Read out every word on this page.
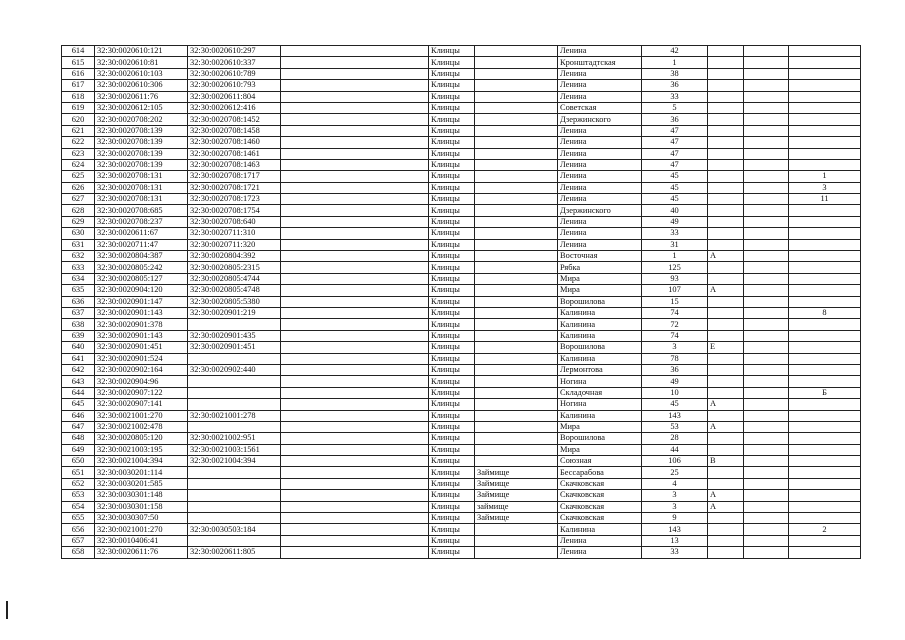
614	32:30:0020610:121	32:30:0020610:297		Клинцы		Ленина	42			
615	32:30:0020610:81	32:30:0020610:337		Клинцы		Кронштадтская	1			
616	32:30:0020610:103	32:30:0020610:789		Клинцы		Ленина	38			
617	32:30:0020610:306	32:30:0020610:793		Клинцы		Ленина	36			
618	32:30:0020611:76	32:30:0020611:804		Клинцы		Ленина	33			
619	32:30:0020612:105	32:30:0020612:416		Клинцы		Советская	5			
620	32:30:0020708:202	32:30:0020708:1452		Клинцы		Дзержинского	36			
621	32:30:0020708:139	32:30:0020708:1458		Клинцы		Ленина	47			
622	32:30:0020708:139	32:30:0020708:1460		Клинцы		Ленина	47			
623	32:30:0020708:139	32:30:0020708:1461		Клинцы		Ленина	47			
624	32:30:0020708:139	32:30:0020708:1463		Клинцы		Ленина	47			
625	32:30:0020708:131	32:30:0020708:1717		Клинцы		Ленина	45			1
626	32:30:0020708:131	32:30:0020708:1721		Клинцы		Ленина	45			3
627	32:30:0020708:131	32:30:0020708:1723		Клинцы		Ленина	45			11
628	32:30:0020708:685	32:30:0020708:1754		Клинцы		Дзержинского	40			
629	32:30:0020708:237	32:30:0020708:640		Клинцы		Ленина	49			
630	32:30:0020611:67	32:30:0020711:310		Клинцы		Ленина	33			
631	32:30:0020711:47	32:30:0020711:320		Клинцы		Ленина	31			
632	32:30:0020804:387	32:30:0020804:392		Клинцы		Восточная	1	А		
633	32:30:0020805:242	32:30:0020805:2315		Клинцы		Рябка	125			
634	32:30:0020805:127	32:30:0020805:4744		Клинцы		Мира	93			
635	32:30:0020904:120	32:30:0020805:4748		Клинцы		Мира	107	А		
636	32:30:0020901:147	32:30:0020805:5380		Клинцы		Ворошилова	15			
637	32:30:0020901:143	32:30:0020901:219		Клинцы		Калинина	74			8
638	32:30:0020901:378			Клинцы		Калинина	72			
639	32:30:0020901:143	32:30:0020901:435		Клинцы		Калинина	74			
640	32:30:0020901:451	32:30:0020901:451		Клинцы		Ворошилова	3	Е		
641	32:30:0020901:524			Клинцы		Калинина	78			
642	32:30:0020902:164	32:30:0020902:440		Клинцы		Лермонтова	36			
643	32:30:0020904:96			Клинцы		Ногина	49			
644	32:30:0020907:122			Клинцы		Складочная	10			Б
645	32:30:0020907:141			Клинцы		Ногина	45	А		
646	32:30:0021001:270	32:30:0021001:278		Клинцы		Калинина	143			
647	32:30:0021002:478			Клинцы		Мира	53	А		
648	32:30:0020805:120	32:30:0021002:951		Клинцы		Ворошилова	28			
649	32:30:0021003:195	32:30:0021003:1561		Клинцы		Мира	44			
650	32:30:0021004:394	32:30:0021004:394		Клинцы		Союзная	106	В		
651	32:30:0030201:114			Клинцы	Займище	Бессарабова	25			
652	32:30:0030201:585			Клинцы	Займище	Скачковская	4			
653	32:30:0030301:148			Клинцы	Займище	Скачковская	3	А		
654	32:30:0030301:158			Клинцы	займище	Скачковская	3	А		
655	32:30:0030307:50			Клинцы	Займище	Скачковская	9			
656	32:30:0021001:270	32:30:0030503:184		Клинцы		Калинина	143			2
657	32:30:0010406:41			Клинцы		Ленина	13			
658	32:30:0020611:76	32:30:0020611:805		Клинцы		Ленина	33			
